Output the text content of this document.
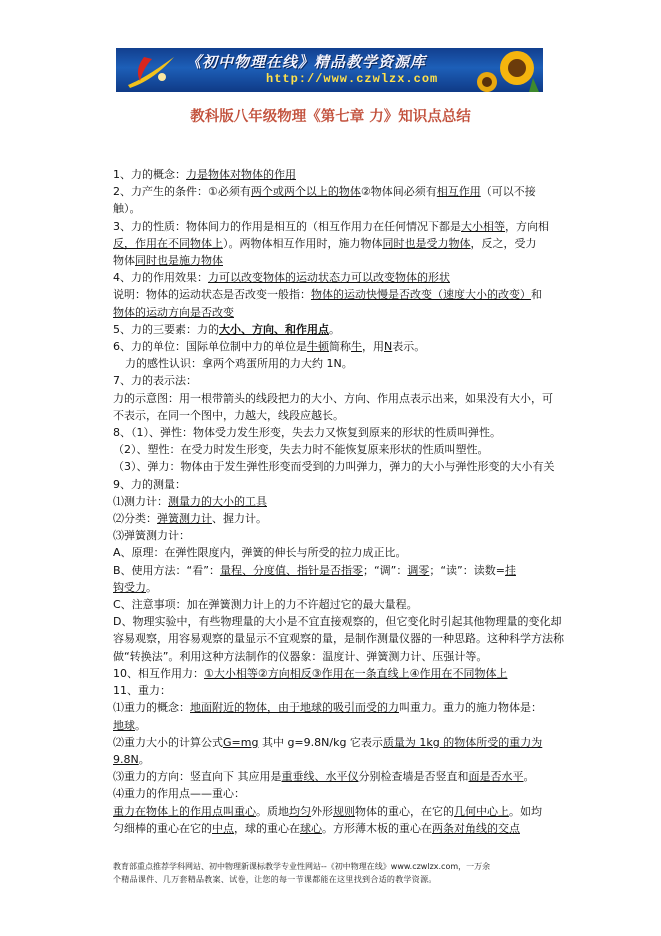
《初中物理在线》精品教学资源库
http://www.czwlzx.com
教科版八年级物理《第七章 力》知识点总结

1、力的概念：力是物体对物体的作用

2、力产生的条件：①必须有两个或两个以上的物体②物体间必须有相互作用（可以不接

触）。

3、力的性质：物体间力的作用是相互的（相互作用力在任何情况下都是大小相等，方向相

反，作用在不同物体上）。两物体相互作用时，施力物体同时也是受力物体，反之，受力

物体同时也是施力物体

4、力的作用效果：力可以改变物体的运动状态力可以改变物体的形状

说明：物体的运动状态是否改变一般指：物体的运动快慢是否改变（速度大小的改变）和

物体的运动方向是否改变

5、力的三要素：力的大小、方向、和作用点。

6、力的单位：国际单位制中力的单位是牛顿简称牛，用N表示。

力的感性认识：拿两个鸡蛋所用的力大约 1N。

7、力的表示法：

力的示意图：用一根带箭头的线段把力的大小、方向、作用点表示出来，如果没有大小，可

不表示，在同一个图中，力越大，线段应越长。

8、（1）、弹性：物体受力发生形变，失去力又恢复到原来的形状的性质叫弹性。

（2）、塑性：在受力时发生形变，失去力时不能恢复原来形状的性质叫塑性。

（3）、弹力：物体由于发生弹性形变而受到的力叫弹力，弹力的大小与弹性形变的大小有关

9、力的测量：

⑴测力计：测量力的大小的工具

⑵分类：弹簧测力计、握力计。

⑶弹簧测力计：

A、原理：在弹性限度内，弹簧的伸长与所受的拉力成正比。

B、使用方法：“看”：量程、分度值、指针是否指零；“调”：调零；“读”：读数=挂

钩受力。

C、注意事项：加在弹簧测力计上的力不许超过它的最大量程。

D、物理实验中，有些物理量的大小是不宜直接观察的，但它变化时引起其他物理量的变化却

容易观察，用容易观察的量显示不宜观察的量，是制作测量仪器的一种思路。这种科学方法称

做“转换法”。利用这种方法制作的仪器象：温度计、弹簧测力计、压强计等。

10、相互作用力：①大小相等②方向相反③作用在一条直线上④作用在不同物体上

11、重力：

⑴重力的概念：地面附近的物体，由于地球的吸引而受的力叫重力。重力的施力物体是：

地球。

⑵重力大小的计算公式G=mg 其中 g=9.8N/kg 它表示质量为 1kg 的物体所受的重力为

9.8N。

⑶重力的方向：竖直向下 其应用是重垂线、水平仪分别检查墙是否竖直和面是否水平。

⑷重力的作用点——重心：

重力在物体上的作用点叫重心。质地均匀外形规则物体的重心，在它的几何中心上。如均

匀细棒的重心在它的中点，球的重心在球心。方形薄木板的重心在两条对角线的交点

教育部重点推荐学科网站、初中物理新课标教学专业性网站--《初中物理在线》www.czwlzx.com，一万余
个精品课件、几万套精品教案、试卷，让您的每一节课都能在这里找到合适的教学资源。
